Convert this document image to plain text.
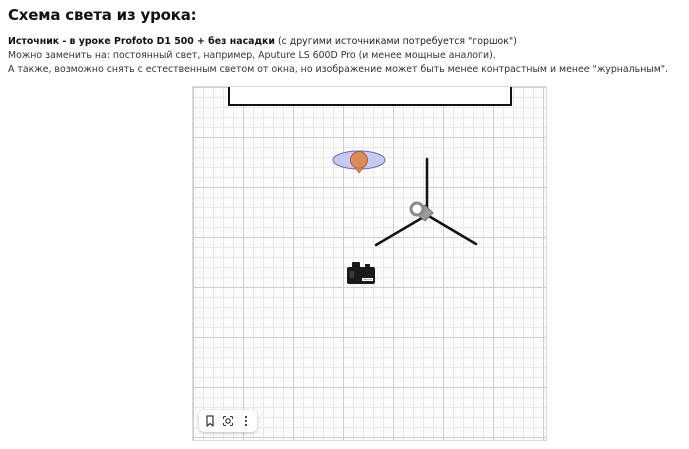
Схема света из урока:
Источник - в уроке Profoto D1 500 + без насадки (с другими источниками потребуется "горшок")
Можно заменить на: постоянный свет, например, Aputure LS 600D Pro (и менее мощные аналоги).
А также, возможно снять с естественным светом от окна, но изображение может быть менее контрастным и менее "журнальным".
